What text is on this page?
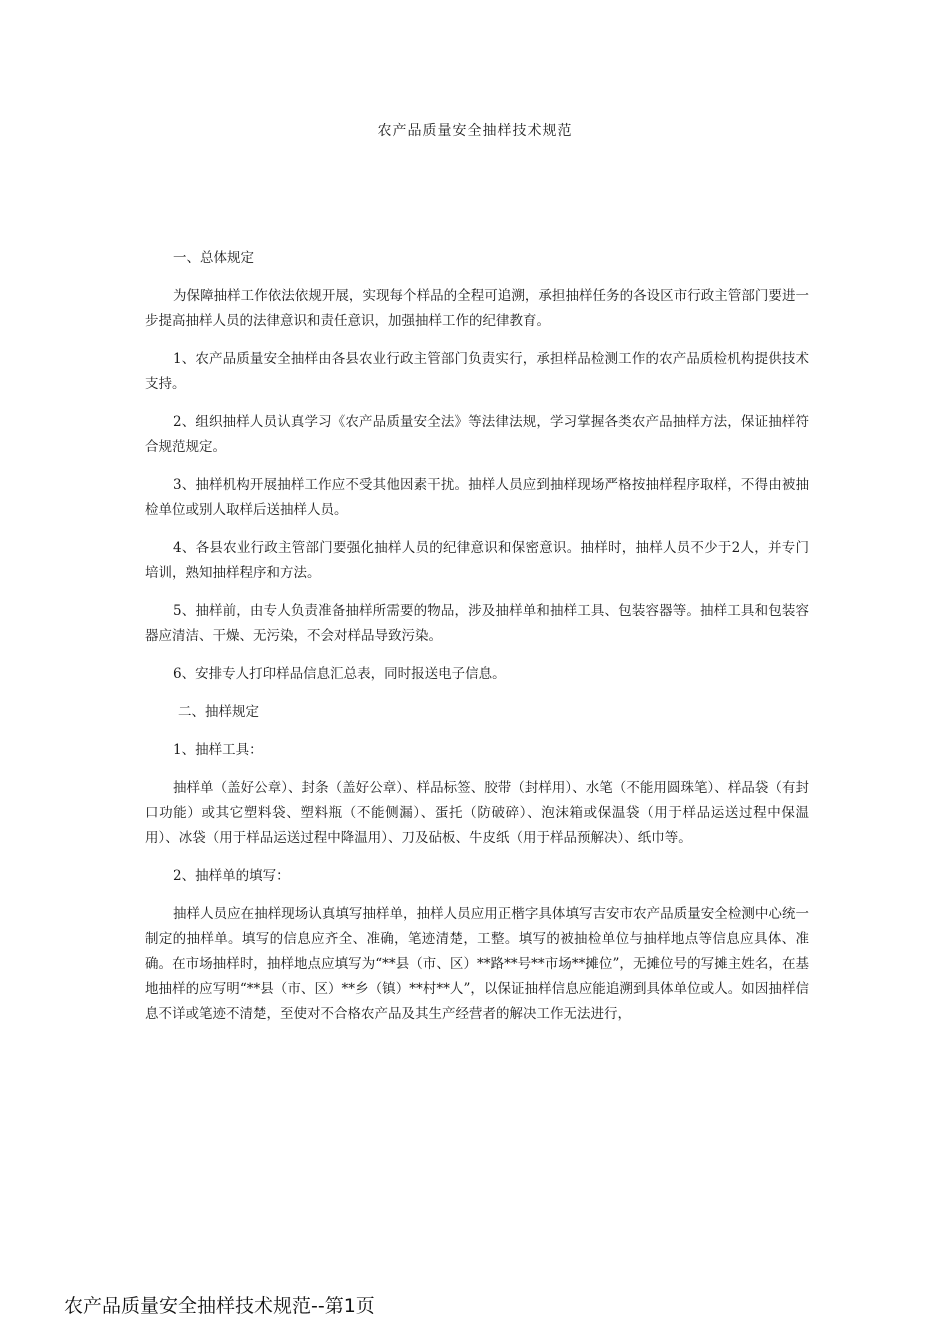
农产品质量安全抽样技术规范

一、总体规定

为保障抽样工作依法依规开展，实现每个样品的全程可追溯，承担抽样任务的各设区市行政主管部门要进一步提高抽样人员的法律意识和责任意识，加强抽样工作的纪律教育。

1、农产品质量安全抽样由各县农业行政主管部门负责实行，承担样品检测工作的农产品质检机构提供技术支持。

2、组织抽样人员认真学习《农产品质量安全法》等法律法规，学习掌握各类农产品抽样方法，保证抽样符合规范规定。

3、抽样机构开展抽样工作应不受其他因素干扰。抽样人员应到抽样现场严格按抽样程序取样，不得由被抽检单位或别人取样后送抽样人员。

4、各县农业行政主管部门要强化抽样人员的纪律意识和保密意识。抽样时，抽样人员不少于2人，并专门培训，熟知抽样程序和方法。

5、抽样前，由专人负责准备抽样所需要的物品，涉及抽样单和抽样工具、包装容器等。抽样工具和包装容器应清洁、干燥、无污染，不会对样品导致污染。

6、安排专人打印样品信息汇总表，同时报送电子信息。

二、抽样规定

1、抽样工具：

抽样单（盖好公章）、封条（盖好公章）、样品标签、胶带（封样用）、水笔（不能用圆珠笔）、样品袋（有封口功能）或其它塑料袋、塑料瓶（不能侧漏）、蛋托（防破碎）、泡沫箱或保温袋（用于样品运送过程中保温用）、冰袋（用于样品运送过程中降温用）、刀及砧板、牛皮纸（用于样品预解决）、纸巾等。

2、抽样单的填写：

抽样人员应在抽样现场认真填写抽样单，抽样人员应用正楷字具体填写吉安市农产品质量安全检测中心统一制定的抽样单。填写的信息应齐全、准确，笔迹清楚，工整。填写的被抽检单位与抽样地点等信息应具体、准确。在市场抽样时，抽样地点应填写为“**县（市、区）**路**号**市场**摊位”，无摊位号的写摊主姓名，在基地抽样的应写明“**县（市、区）**乡（镇）**村**人”，以保证抽样信息应能追溯到具体单位或人。如因抽样信息不详或笔迹不清楚，至使对不合格农产品及其生产经营者的解决工作无法进行，

农产品质量安全抽样技术规范--第1页
